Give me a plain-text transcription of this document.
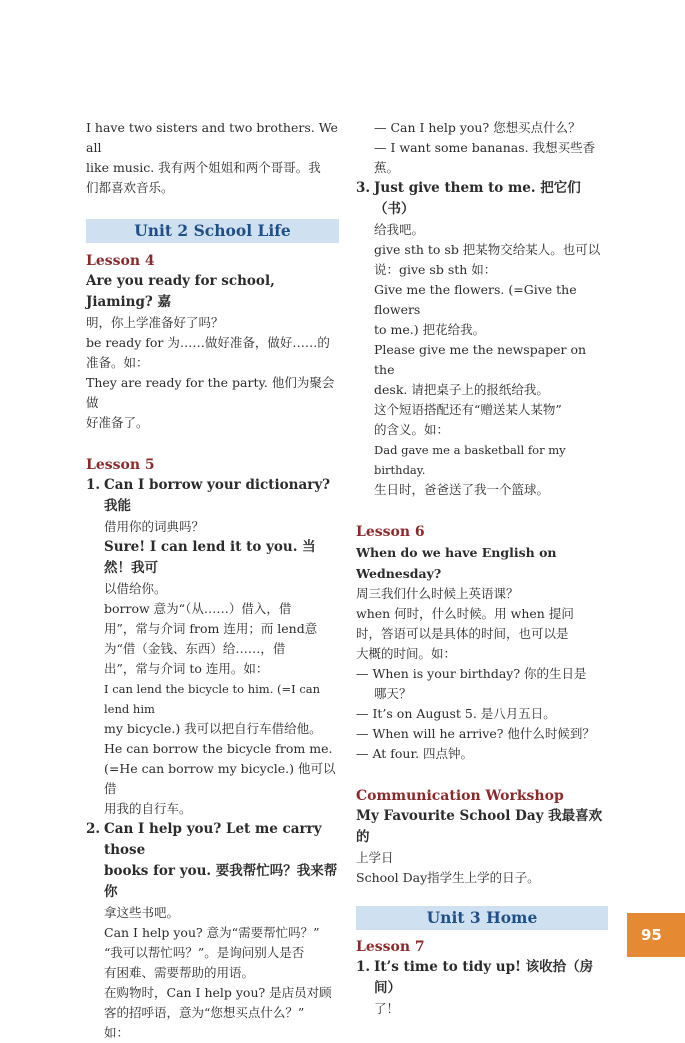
I have two sisters and two brothers. We all

like music. 我有两个姐姐和两个哥哥。我

们都喜欢音乐。

Unit 2 School Life

Lesson 4

Are you ready for school, Jiaming? 嘉

明，你上学准备好了吗？

be ready for 为……做好准备，做好……的

准备。如：

They are ready for the party. 他们为聚会做

好准备了。

Lesson 5

1. Can I borrow your dictionary? 我能

借用你的词典吗？

Sure! I can lend it to you. 当然！我可

以借给你。

borrow 意为“（从……）借入，借

用”，常与介词 from 连用；而 lend意

为“借（金钱、东西）给……，借

出”，常与介词 to 连用。如：

I can lend the bicycle to him. (=I can lend him

my bicycle.) 我可以把自行车借给他。

He can borrow the bicycle from me.

(=He can borrow my bicycle.) 他可以借

用我的自行车。

2. Can I help you? Let me carry those

books for you. 要我帮忙吗？我来帮你

拿这些书吧。

Can I help you? 意为“需要帮忙吗？”

“我可以帮忙吗？”。是询问别人是否

有困难、需要帮助的用语。

在购物时，Can I help you? 是店员对顾

客的招呼语，意为“您想买点什么？”

如：

— Can I help you? 您想买点什么？

— I want some bananas. 我想买些香蕉。

3. Just give them to me. 把它们（书）

给我吧。

give sth to sb 把某物交给某人。也可以

说：give sb sth 如：

Give me the flowers. (=Give the flowers

to me.) 把花给我。

Please give me the newspaper on the

desk. 请把桌子上的报纸给我。

这个短语搭配还有“赠送某人某物”

的含义。如：

Dad gave me a basketball for my birthday.

生日时，爸爸送了我一个篮球。

Lesson 6

When do we have English on Wednesday?

周三我们什么时候上英语课？

when 何时，什么时候。用 when 提问

时，答语可以是具体的时间，也可以是

大概的时间。如：

— When is your birthday? 你的生日是

哪天？

— It’s on August 5. 是八月五日。

— When will he arrive? 他什么时候到？

— At four. 四点钟。

Communication Workshop

My Favourite School Day 我最喜欢的

上学日

School Day指学生上学的日子。

Unit 3 Home

Lesson 7

1. It’s time to tidy up! 该收拾（房间）

了！

95
